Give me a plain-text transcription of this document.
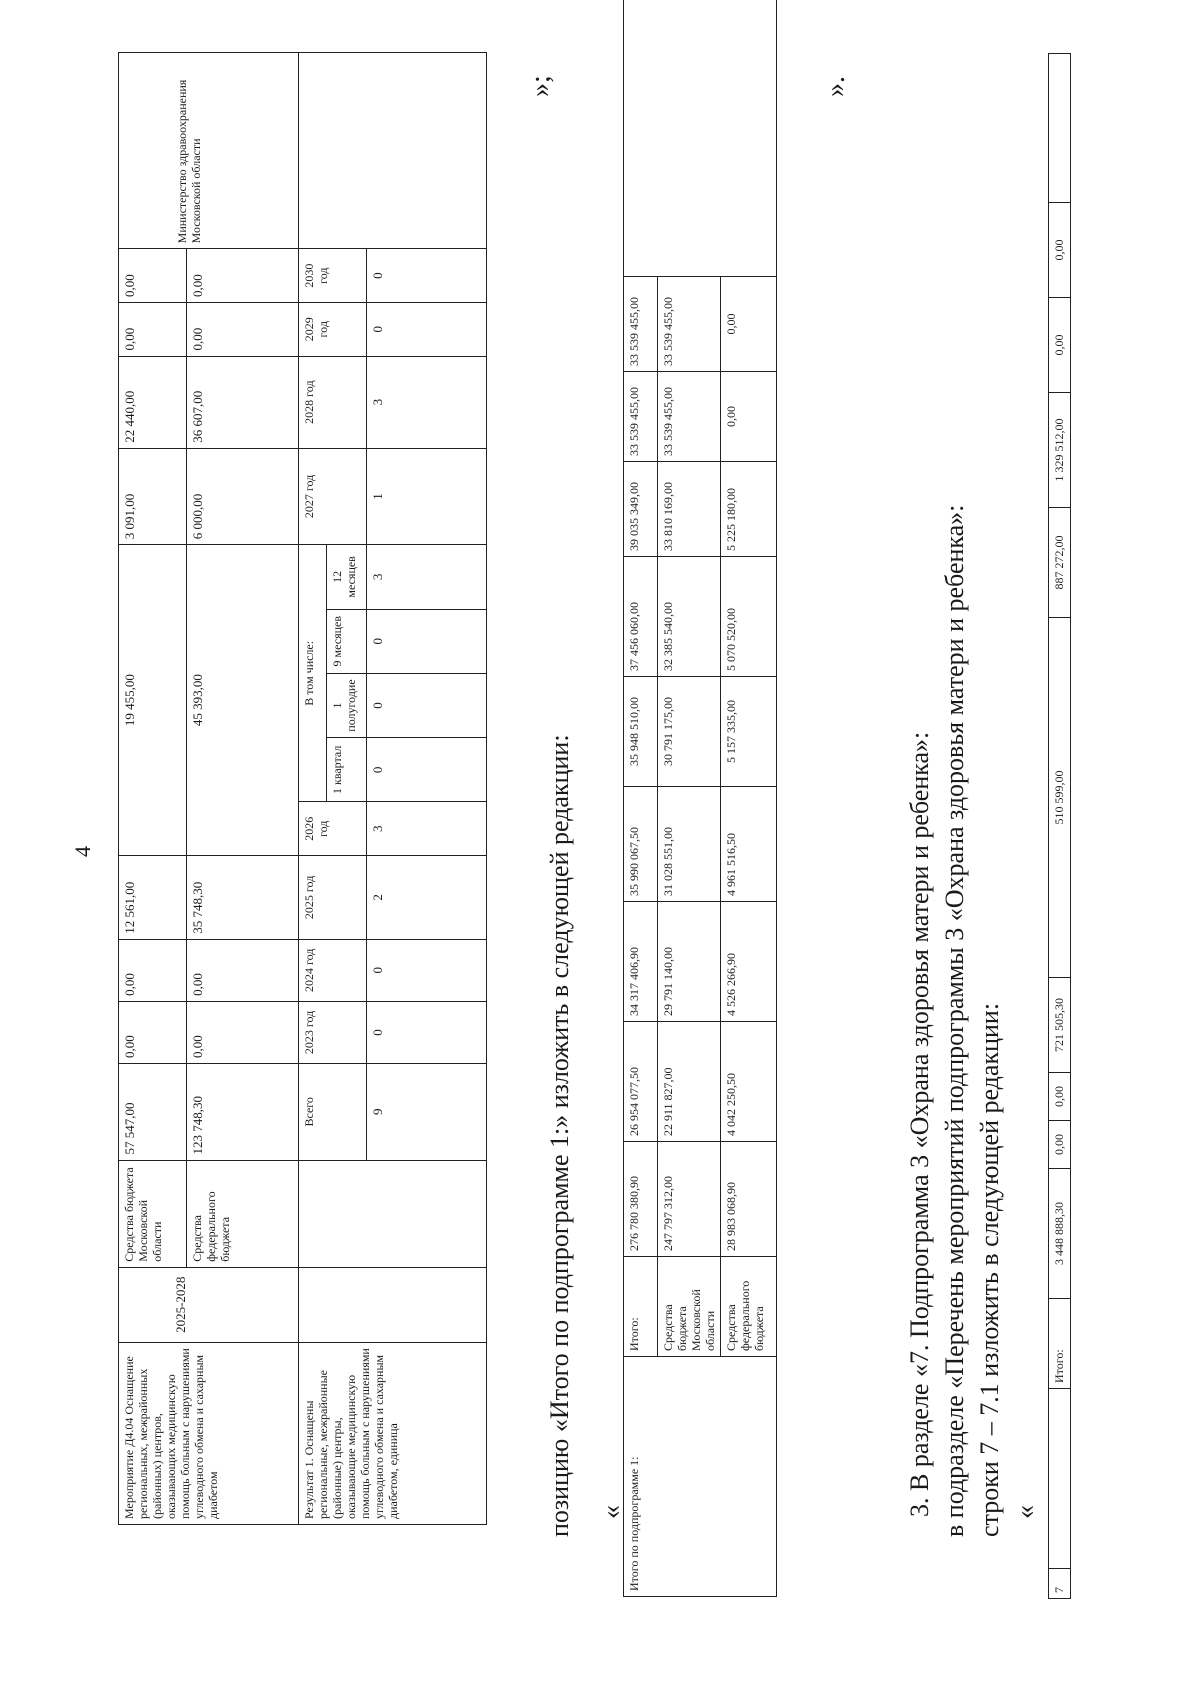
4
Мероприятие Д4.04 Оснащение региональных, межрайонных (районных) центров, оказывающих медицинскую помощь больным с нарушениями углеводного обмена и сахарным диабетом	2025-2028	Средства бюджета Московской области	57 547,00	0,00	0,00	12 561,00	19 455,00					3 091,00	22 440,00	0,00	0,00	Министерство здравоохранения Московской области
		Средства федерального бюджета	123 748,30	0,00	0,00	35 748,30	45 393,00					6 000,00	36 607,00	0,00	0,00	
Результат 1. Оснащены региональные, межрайонные (районные) центры, оказывающие медицинскую помощь больным с нарушениями углеводного обмена и сахарным диабетом, единица			Всего	2023 год	2024 год	2025 год	2026 год	В том числе:				2027 год	2028 год	2029 год	2030 год	
								1 квартал	1 полугодие	9 месяцев	12 месяцев					
			9	0	0	2	3	0	0	0	3	1	3	0	0	
»;
позицию «Итого по подпрограмме 1:» изложить в следующей редакции: « Итого по подпрограмме 1:	Итого:	276 780 380,90	26 954 077,50	34 317 406,90	35 990 067,50	35 948 510,00	37 456 060,00	39 035 349,00	33 539 455,00	33 539 455,00	
	Средства бюджета Московской области	247 797 312,00	22 911 827,00	29 791 140,00	31 028 551,00	30 791 175,00	32 385 540,00	33 810 169,00	33 539 455,00	33 539 455,00	
	Средства федерального бюджета	28 983 068,90	4 042 250,50	4 526 266,90	4 961 516,50	5 157 335,00	5 070 520,00	5 225 180,00	0,00	0,00	
».
3. В разделе «7. Подпрограмма 3 «Охрана здоровья матери и ребенка»: в подразделе «Перечень мероприятий подпрограммы 3 «Охрана здоровья матери и ребенка»: строки 7 – 7.1 изложить в следующей редакции: «
7		Итого:	3 448 888,30	0,00	0,00	721 505,30	510 599,00	887 272,00	1 329 512,00	0,00	0,00	
